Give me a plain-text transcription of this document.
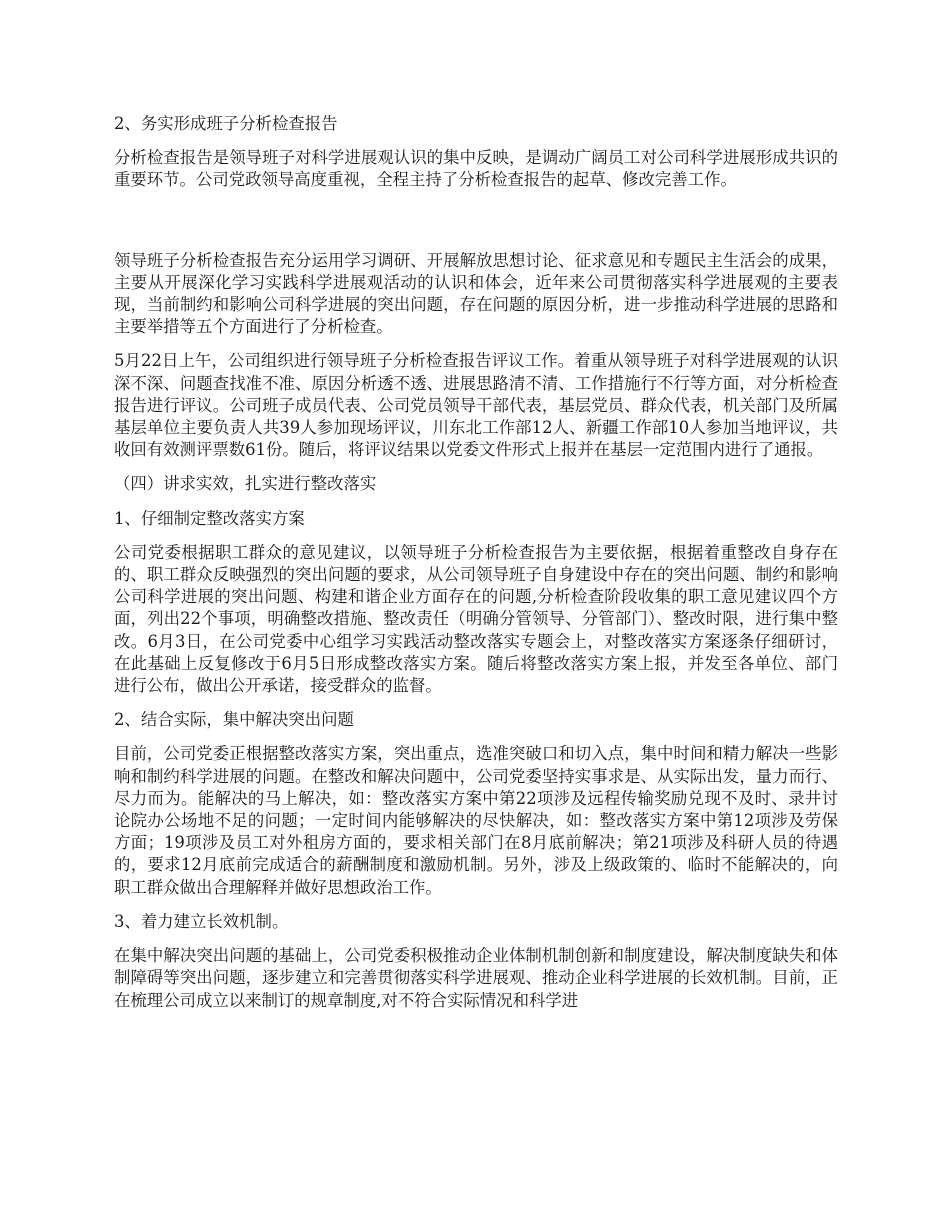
2、务实形成班子分析检查报告

分析检查报告是领导班子对科学进展观认识的集中反映，是调动广阔员工对公司科学进展形成共识的重要环节。公司党政领导高度重视，全程主持了分析检查报告的起草、修改完善工作。

领导班子分析检查报告充分运用学习调研、开展解放思想讨论、征求意见和专题民主生活会的成果，主要从开展深化学习实践科学进展观活动的认识和体会，近年来公司贯彻落实科学进展观的主要表现，当前制约和影响公司科学进展的突出问题，存在问题的原因分析，进一步推动科学进展的思路和主要举措等五个方面进行了分析检查。

5月22日上午，公司组织进行领导班子分析检查报告评议工作。着重从领导班子对科学进展观的认识深不深、问题查找准不准、原因分析透不透、进展思路清不清、工作措施行不行等方面，对分析检查报告进行评议。公司班子成员代表、公司党员领导干部代表，基层党员、群众代表，机关部门及所属基层单位主要负责人共39人参加现场评议，川东北工作部12人、新疆工作部10人参加当地评议，共收回有效测评票数61份。随后，将评议结果以党委文件形式上报并在基层一定范围内进行了通报。

（四）讲求实效，扎实进行整改落实

1、仔细制定整改落实方案

公司党委根据职工群众的意见建议，以领导班子分析检查报告为主要依据，根据着重整改自身存在的、职工群众反映强烈的突出问题的要求，从公司领导班子自身建设中存在的突出问题、制约和影响公司科学进展的突出问题、构建和谐企业方面存在的问题,分析检查阶段收集的职工意见建议四个方面，列出22个事项，明确整改措施、整改责任（明确分管领导、分管部门）、整改时限，进行集中整改。6月3日，在公司党委中心组学习实践活动整改落实专题会上，对整改落实方案逐条仔细研讨，在此基础上反复修改于6月5日形成整改落实方案。随后将整改落实方案上报，并发至各单位、部门进行公布，做出公开承诺，接受群众的监督。

2、结合实际，集中解决突出问题

目前，公司党委正根据整改落实方案，突出重点，选准突破口和切入点，集中时间和精力解决一些影响和制约科学进展的问题。在整改和解决问题中，公司党委坚持实事求是、从实际出发，量力而行、尽力而为。能解决的马上解决，如：整改落实方案中第22项涉及远程传输奖励兑现不及时、录井讨论院办公场地不足的问题；一定时间内能够解决的尽快解决，如：整改落实方案中第12项涉及劳保方面；19项涉及员工对外租房方面的，要求相关部门在8月底前解决；第21项涉及科研人员的待遇的，要求12月底前完成适合的薪酬制度和激励机制。另外，涉及上级政策的、临时不能解决的，向职工群众做出合理解释并做好思想政治工作。

3、着力建立长效机制。

在集中解决突出问题的基础上，公司党委积极推动企业体制机制创新和制度建设，解决制度缺失和体制障碍等突出问题，逐步建立和完善贯彻落实科学进展观、推动企业科学进展的长效机制。目前，正在梳理公司成立以来制订的规章制度,对不符合实际情况和科学进
